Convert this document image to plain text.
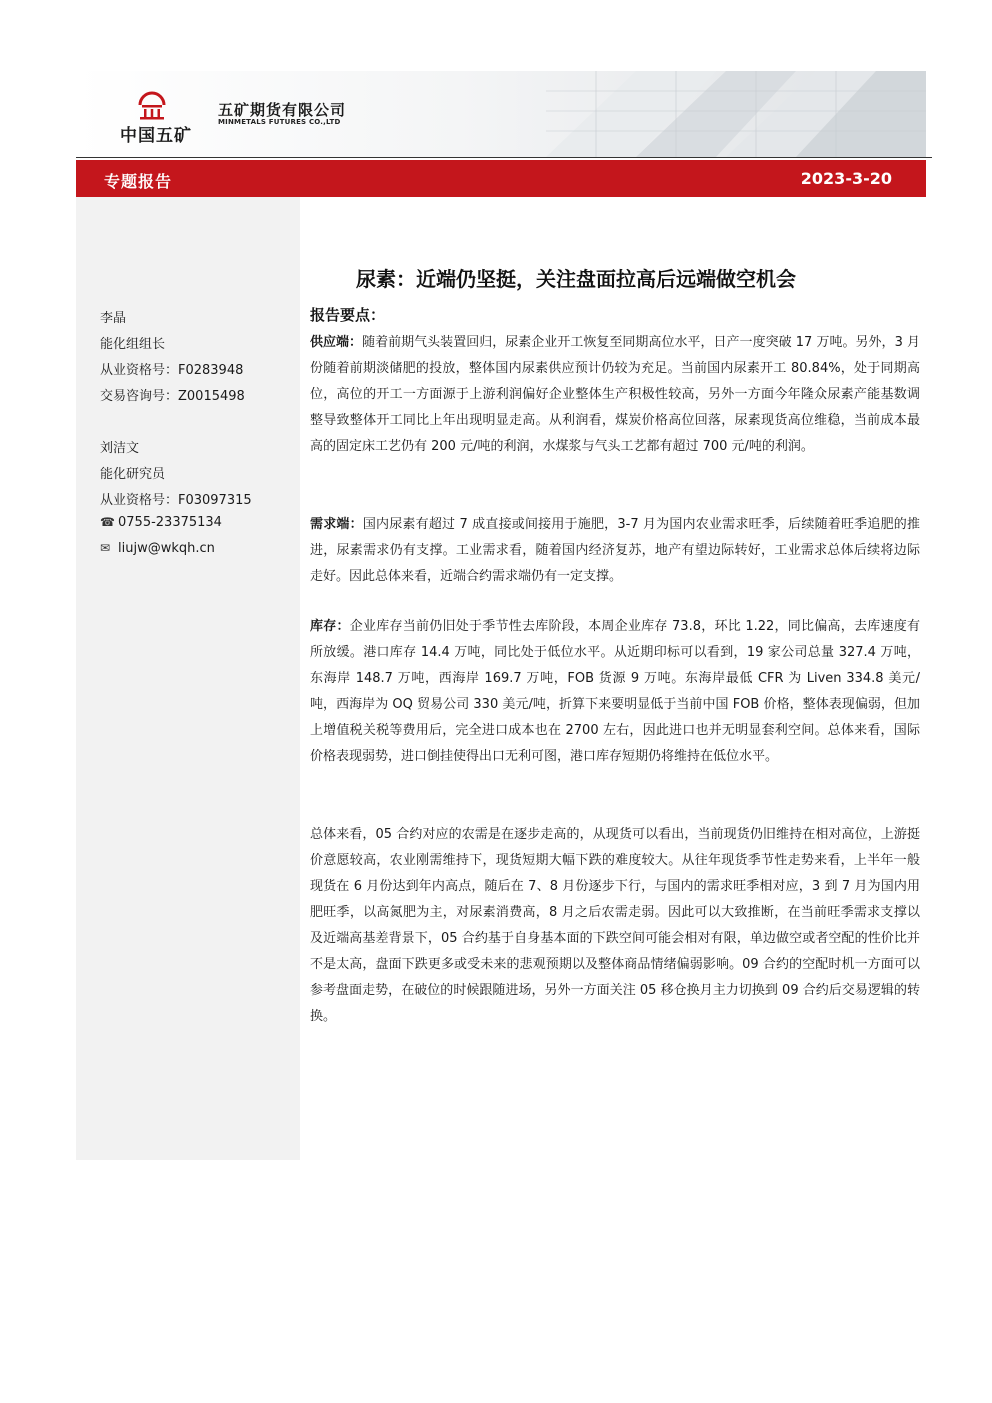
中国五矿
五矿期货有限公司
MINMETALS FUTURES CO.,LTD
专题报告	2023-3-20
李晶
能化组组长
从业资格号：F0283948
交易咨询号：Z0015498
刘洁文
能化研究员
从业资格号：F03097315
☎ 0755-23375134
✉ liujw@wkqh.cn
尿素：近端仍坚挺，关注盘面拉高后远端做空机会
报告要点：
供应端：随着前期气头装置回归，尿素企业开工恢复至同期高位水平，日产一度突破 17 万吨。另外，3 月份随着前期淡储肥的投放，整体国内尿素供应预计仍较为充足。当前国内尿素开工 80.84%，处于同期高位，高位的开工一方面源于上游利润偏好企业整体生产积极性较高，另外一方面今年隆众尿素产能基数调整导致整体开工同比上年出现明显走高。从利润看，煤炭价格高位回落，尿素现货高位维稳，当前成本最高的固定床工艺仍有 200 元/吨的利润，水煤浆与气头工艺都有超过 700 元/吨的利润。
需求端：国内尿素有超过 7 成直接或间接用于施肥，3-7 月为国内农业需求旺季，后续随着旺季追肥的推进，尿素需求仍有支撑。工业需求看，随着国内经济复苏，地产有望边际转好，工业需求总体后续将边际走好。因此总体来看，近端合约需求端仍有一定支撑。
库存：企业库存当前仍旧处于季节性去库阶段，本周企业库存 73.8，环比 1.22，同比偏高，去库速度有所放缓。港口库存 14.4 万吨，同比处于低位水平。从近期印标可以看到，19 家公司总量 327.4 万吨，东海岸 148.7 万吨，西海岸 169.7 万吨，FOB 货源 9 万吨。东海岸最低 CFR 为 Liven 334.8 美元/吨，西海岸为 OQ 贸易公司 330 美元/吨，折算下来要明显低于当前中国 FOB 价格，整体表现偏弱，但加上增值税关税等费用后，完全进口成本也在 2700 左右，因此进口也并无明显套利空间。总体来看，国际价格表现弱势，进口倒挂使得出口无利可图，港口库存短期仍将维持在低位水平。
总体来看，05 合约对应的农需是在逐步走高的，从现货可以看出，当前现货仍旧维持在相对高位，上游挺价意愿较高，农业刚需维持下，现货短期大幅下跌的难度较大。从往年现货季节性走势来看，上半年一般现货在 6 月份达到年内高点，随后在 7、8 月份逐步下行，与国内的需求旺季相对应，3 到 7 月为国内用肥旺季，以高氮肥为主，对尿素消费高，8 月之后农需走弱。因此可以大致推断，在当前旺季需求支撑以及近端高基差背景下，05 合约基于自身基本面的下跌空间可能会相对有限，单边做空或者空配的性价比并不是太高，盘面下跌更多或受未来的悲观预期以及整体商品情绪偏弱影响。09 合约的空配时机一方面可以参考盘面走势，在破位的时候跟随进场，另外一方面关注 05 移仓换月主力切换到 09 合约后交易逻辑的转换。
